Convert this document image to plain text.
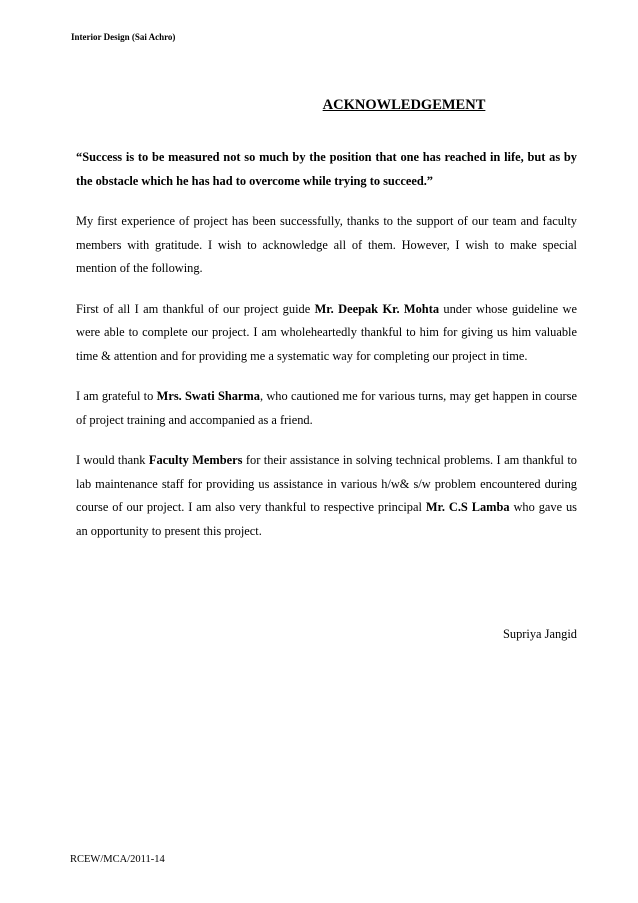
Interior Design (Sai Achro)
ACKNOWLEDGEMENT

“Success is to be measured not so much by the position that one has reached in life, but as by the obstacle which he has had to overcome while trying to succeed.”

My first experience of project has been successfully, thanks to the support of our team and faculty members with gratitude. I wish to acknowledge all of them. However, I wish to make special mention of the following.

First of all I am thankful of our project guide Mr. Deepak Kr. Mohta under whose guideline we were able to complete our project. I am wholeheartedly thankful to him for giving us him valuable time & attention and for providing me a systematic way for completing our project in time.

I am grateful to Mrs. Swati Sharma, who cautioned me for various turns, may get happen in course of project training and accompanied as a friend.

I would thank Faculty Members for their assistance in solving technical problems. I am thankful to lab maintenance staff for providing us assistance in various h/w& s/w problem encountered during course of our project. I am also very thankful to respective principal Mr. C.S Lamba who gave us an opportunity to present this project.

Supriya Jangid
RCEW/MCA/2011-14
